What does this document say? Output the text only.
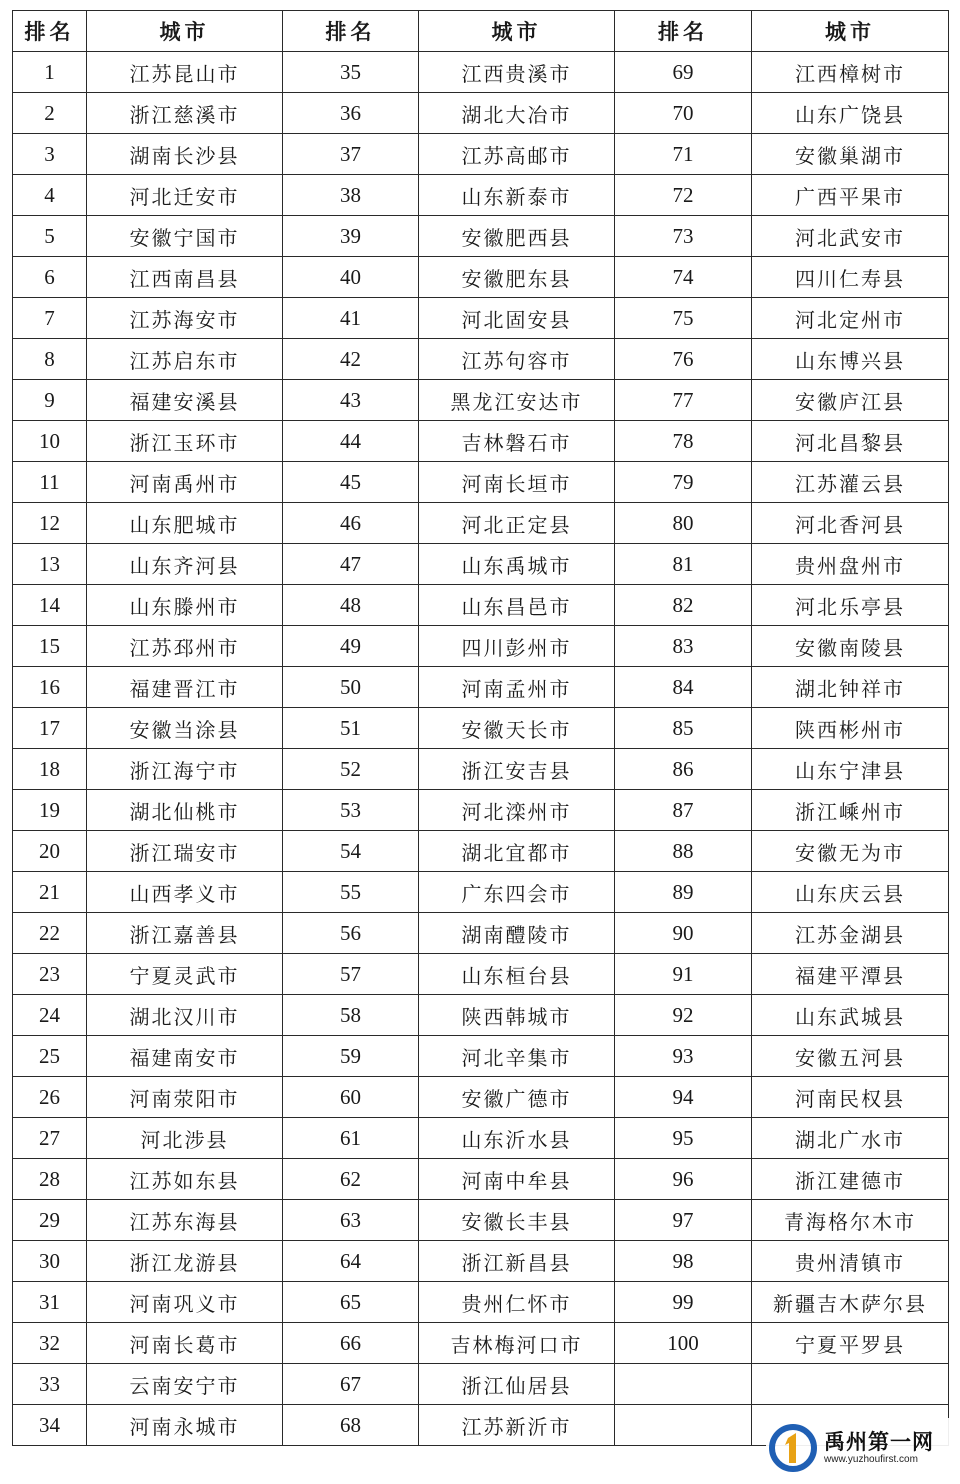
排名	城市	排名	城市	排名	城市
1	江苏昆山市	35	江西贵溪市	69	江西樟树市
2	浙江慈溪市	36	湖北大冶市	70	山东广饶县
3	湖南长沙县	37	江苏高邮市	71	安徽巢湖市
4	河北迁安市	38	山东新泰市	72	广西平果市
5	安徽宁国市	39	安徽肥西县	73	河北武安市
6	江西南昌县	40	安徽肥东县	74	四川仁寿县
7	江苏海安市	41	河北固安县	75	河北定州市
8	江苏启东市	42	江苏句容市	76	山东博兴县
9	福建安溪县	43	黑龙江安达市	77	安徽庐江县
10	浙江玉环市	44	吉林磐石市	78	河北昌黎县
11	河南禹州市	45	河南长垣市	79	江苏灌云县
12	山东肥城市	46	河北正定县	80	河北香河县
13	山东齐河县	47	山东禹城市	81	贵州盘州市
14	山东滕州市	48	山东昌邑市	82	河北乐亭县
15	江苏邳州市	49	四川彭州市	83	安徽南陵县
16	福建晋江市	50	河南孟州市	84	湖北钟祥市
17	安徽当涂县	51	安徽天长市	85	陕西彬州市
18	浙江海宁市	52	浙江安吉县	86	山东宁津县
19	湖北仙桃市	53	河北滦州市	87	浙江嵊州市
20	浙江瑞安市	54	湖北宜都市	88	安徽无为市
21	山西孝义市	55	广东四会市	89	山东庆云县
22	浙江嘉善县	56	湖南醴陵市	90	江苏金湖县
23	宁夏灵武市	57	山东桓台县	91	福建平潭县
24	湖北汉川市	58	陕西韩城市	92	山东武城县
25	福建南安市	59	河北辛集市	93	安徽五河县
26	河南荥阳市	60	安徽广德市	94	河南民权县
27	河北涉县	61	山东沂水县	95	湖北广水市
28	江苏如东县	62	河南中牟县	96	浙江建德市
29	江苏东海县	63	安徽长丰县	97	青海格尔木市
30	浙江龙游县	64	浙江新昌县	98	贵州清镇市
31	河南巩义市	65	贵州仁怀市	99	新疆吉木萨尔县
32	河南长葛市	66	吉林梅河口市	100	宁夏平罗县
33	云南安宁市	67	浙江仙居县		
34	河南永城市	68	江苏新沂市		
禹州第一网
www.yuzhoufirst.com
